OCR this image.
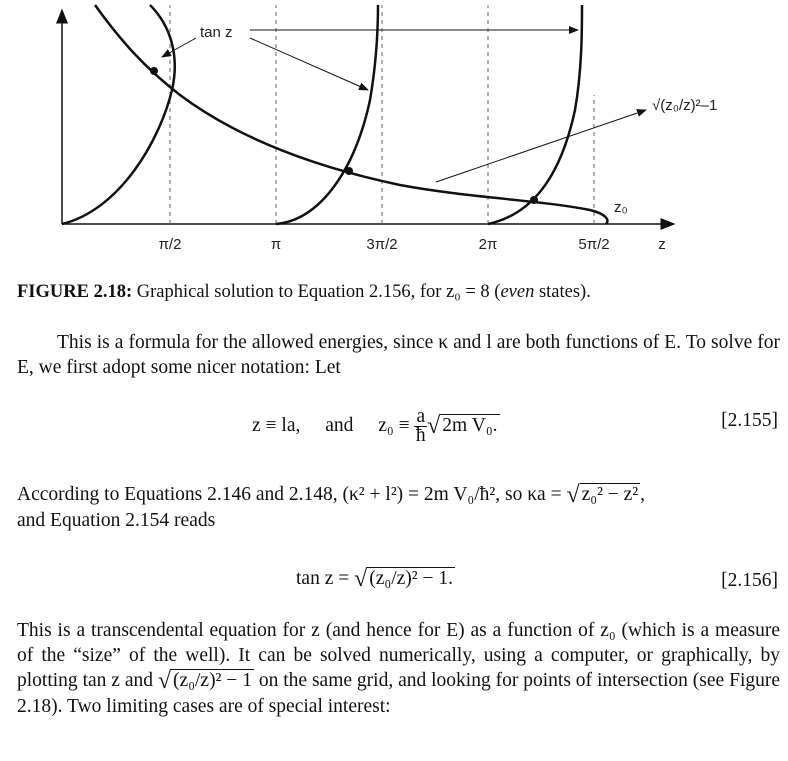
tan z
√(z₀/z)²–1
z₀
π/2	π	3π/2	2π	5π/2	z
FIGURE 2.18: Graphical solution to Equation 2.156, for z₀ = 8 (even states).
This is a formula for the allowed energies, since κ and l are both functions of E. To solve for E, we first adopt some nicer notation: Let
z ≡ la, and $z_0 \equiv \frac{a}{ħ}$ √ 2m V₀.	[2.155]
According to Equations 2.146 and 2.148, (κ² + l²) = 2m V₀/ħ², so κa = √ z₀² − z² ,
and Equation 2.154 reads
tan z = √ (z₀/z)² − 1.	[2.156]
This is a transcendental equation for z (and hence for E) as a function of z₀ (which is a measure of the “size” of the well). It can be solved numerically, using a computer, or graphically, by plotting tan z and √ (z₀/z)² − 1 on the same grid, and looking for points of intersection (see Figure 2.18). Two limiting cases are of special interest:
